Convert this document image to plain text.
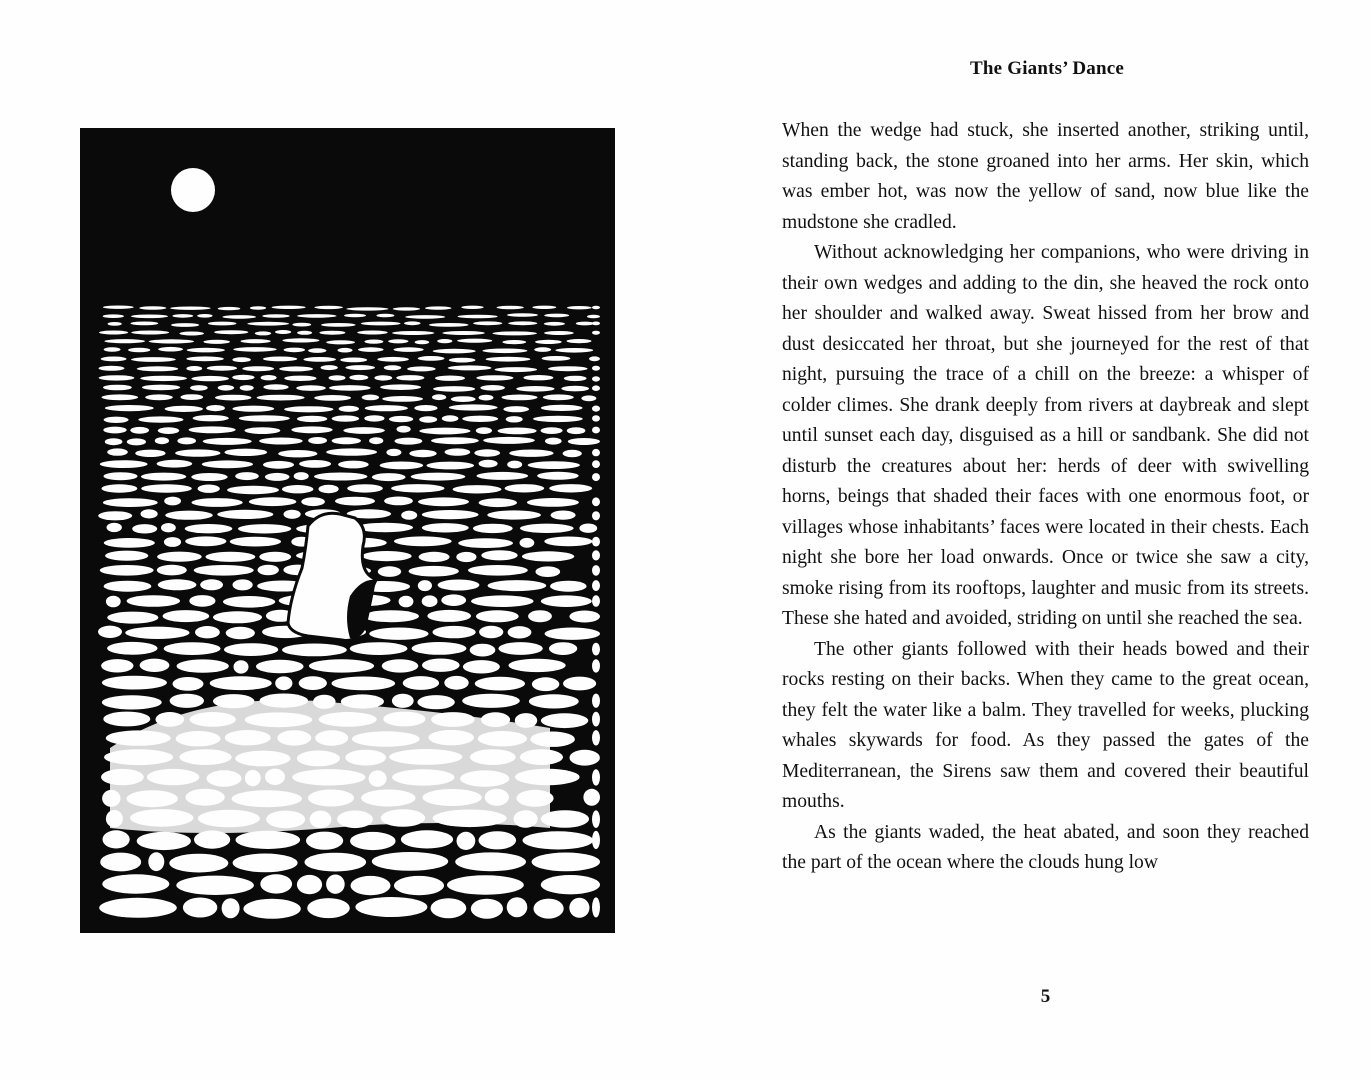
The Giants’ Dance

When the wedge had stuck, she inserted another, striking until, standing back, the stone groaned into her arms. Her skin, which was ember hot, was now the yellow of sand, now blue like the mudstone she cradled.

Without acknowledging her companions, who were driving in their own wedges and adding to the din, she heaved the rock onto her shoulder and walked away. Sweat hissed from her brow and dust desiccated her throat, but she journeyed for the rest of that night, pursuing the trace of a chill on the breeze: a whisper of colder climes. She drank deeply from rivers at daybreak and slept until sunset each day, disguised as a hill or sandbank. She did not disturb the creatures about her: herds of deer with swivelling horns, beings that shaded their faces with one enormous foot, or villages whose inhabitants’ faces were located in their chests. Each night she bore her load onwards. Once or twice she saw a city, smoke rising from its rooftops, laughter and music from its streets. These she hated and avoided, striding on until she reached the sea.

The other giants followed with their heads bowed and their rocks resting on their backs. When they came to the great ocean, they felt the water like a balm. They travelled for weeks, plucking whales skywards for food. As they passed the gates of the Mediterranean, the Sirens saw them and covered their beautiful mouths.

As the giants waded, the heat abated, and soon they reached the part of the ocean where the clouds hung low

5
